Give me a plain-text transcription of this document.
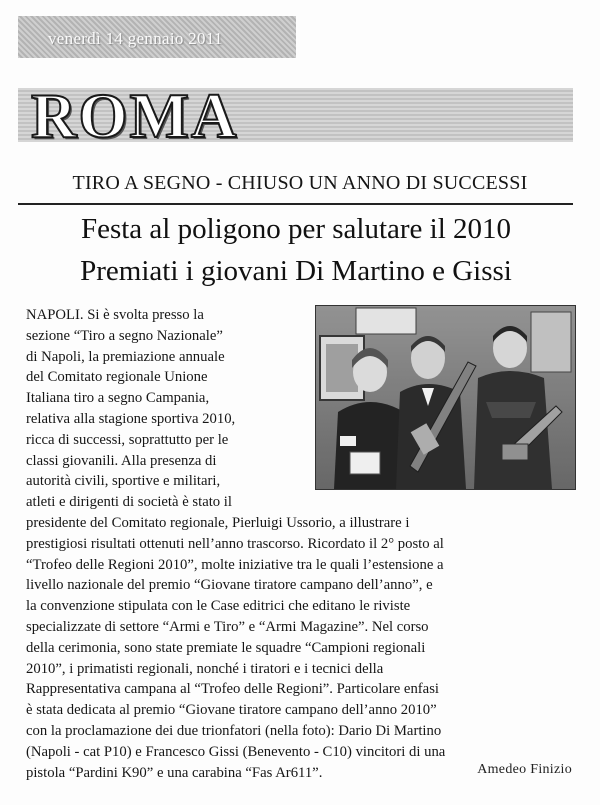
venerdì 14 gennaio 2011
ROMA
TIRO A SEGNO - CHIUSO UN ANNO DI SUCCESSI
Festa al poligono per salutare il 2010
Premiati i giovani Di Martino e Gissi
NAPOLI. Si è svolta presso la
sezione “Tiro a segno Nazionale”
di Napoli, la premiazione annuale
del Comitato regionale Unione
Italiana tiro a segno Campania,
relativa alla stagione sportiva 2010,
ricca di successi, soprattutto per le
classi giovanili. Alla presenza di
autorità civili, sportive e militari,
atleti e dirigenti di società è stato il
presidente del Comitato regionale, Pierluigi Ussorio, a illustrare i
prestigiosi risultati ottenuti nell’anno trascorso. Ricordato il 2° posto al
“Trofeo delle Regioni 2010”, molte iniziative tra le quali l’estensione a
livello nazionale del premio “Giovane tiratore campano dell’anno”, e
la convenzione stipulata con le Case editrici che editano le riviste
specializzate di settore “Armi e Tiro” e “Armi Magazine”. Nel corso
della cerimonia, sono state premiate le squadre “Campioni regionali
2010”, i primatisti regionali, nonché i tiratori e i tecnici della
Rappresentativa campana al “Trofeo delle Regioni”. Particolare enfasi
è stata dedicata al premio “Giovane tiratore campano dell’anno 2010”
con la proclamazione dei due trionfatori (nella foto): Dario Di Martino
(Napoli - cat P10) e Francesco Gissi (Benevento - C10) vincitori di una
pistola “Pardini K90” e una carabina “Fas Ar611”.	Amedeo Finizio
